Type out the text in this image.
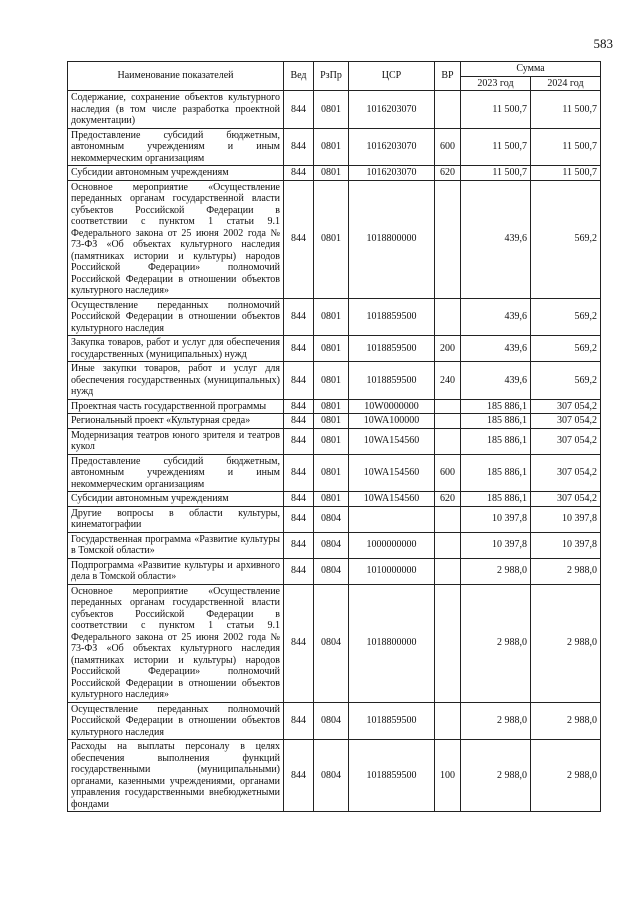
583
Наименование показателей	Вед	РзПр	ЦСР	ВР	Сумма	
					2023 год	2024 год
Содержание, сохранение объектов культурного наследия (в том числе разработка проектной документации)	844	0801	1016203070		11 500,7	11 500,7
Предоставление субсидий бюджетным, автономным учреждениям и иным некоммерческим организациям	844	0801	1016203070	600	11 500,7	11 500,7
Субсидии автономным учреждениям	844	0801	1016203070	620	11 500,7	11 500,7
Основное мероприятие «Осуществление переданных органам государственной власти субъектов Российской Федерации в соответствии с пунктом 1 статьи 9.1 Федерального закона от 25 июня 2002 года № 73-ФЗ «Об объектах культурного наследия (памятниках истории и культуры) народов Российской Федерации» полномочий Российской Федерации в отношении объектов культурного наследия»	844	0801	1018800000		439,6	569,2
Осуществление переданных полномочий Российской Федерации в отношении объектов культурного наследия	844	0801	1018859500		439,6	569,2
Закупка товаров, работ и услуг для обеспечения государственных (муниципальных) нужд	844	0801	1018859500	200	439,6	569,2
Иные закупки товаров, работ и услуг для обеспечения государственных (муниципальных) нужд	844	0801	1018859500	240	439,6	569,2
Проектная часть государственной программы	844	0801	10W0000000		185 886,1	307 054,2
Региональный проект «Культурная среда»	844	0801	10WA100000		185 886,1	307 054,2
Модернизация театров юного зрителя и театров кукол	844	0801	10WA154560		185 886,1	307 054,2
Предоставление субсидий бюджетным, автономным учреждениям и иным некоммерческим организациям	844	0801	10WA154560	600	185 886,1	307 054,2
Субсидии автономным учреждениям	844	0801	10WA154560	620	185 886,1	307 054,2
Другие вопросы в области культуры, кинематографии	844	0804			10 397,8	10 397,8
Государственная программа «Развитие культуры в Томской области»	844	0804	1000000000		10 397,8	10 397,8
Подпрограмма «Развитие культуры и архивного дела в Томской области»	844	0804	1010000000		2 988,0	2 988,0
Основное мероприятие «Осуществление переданных органам государственной власти субъектов Российской Федерации в соответствии с пунктом 1 статьи 9.1 Федерального закона от 25 июня 2002 года № 73-ФЗ «Об объектах культурного наследия (памятниках истории и культуры) народов Российской Федерации» полномочий Российской Федерации в отношении объектов культурного наследия»	844	0804	1018800000		2 988,0	2 988,0
Осуществление переданных полномочий Российской Федерации в отношении объектов культурного наследия	844	0804	1018859500		2 988,0	2 988,0
Расходы на выплаты персоналу в целях обеспечения выполнения функций государственными (муниципальными) органами, казенными учреждениями, органами управления государственными внебюджетными фондами	844	0804	1018859500	100	2 988,0	2 988,0
